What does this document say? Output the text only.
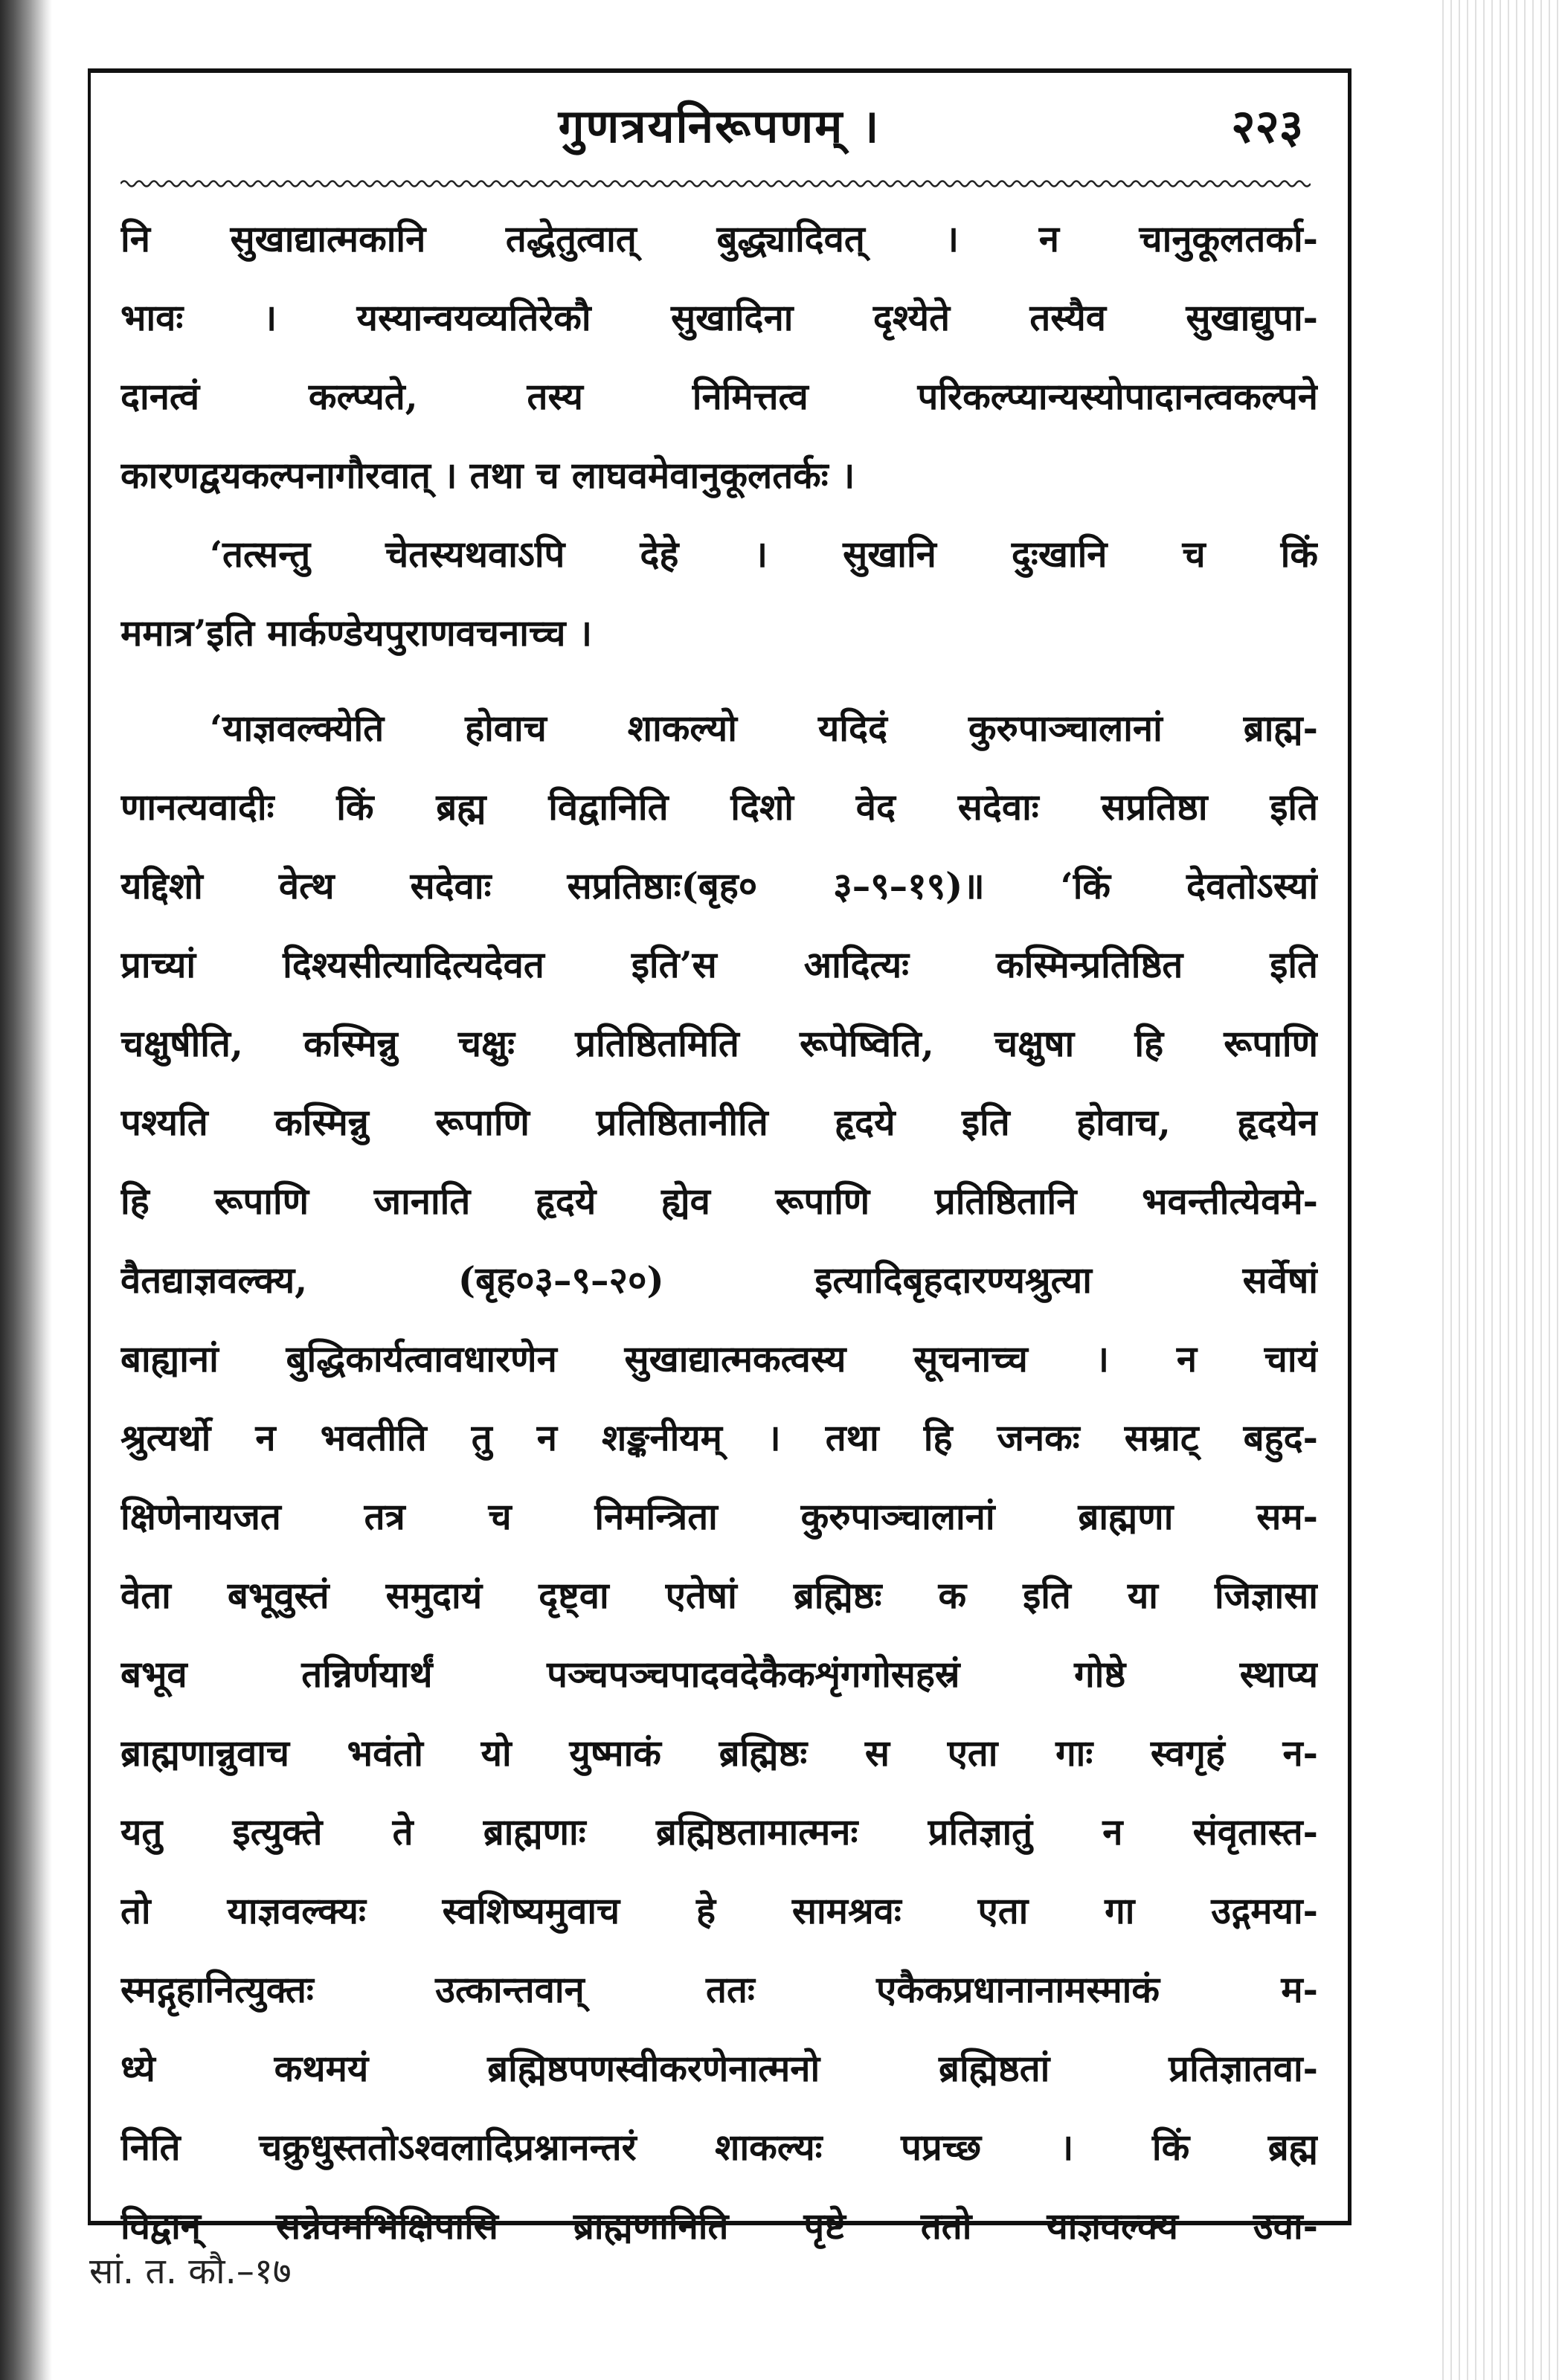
गुणत्रयनिरूपणम् ।	२२३
नि सुखाद्यात्मकानि तद्धेतुत्वात् बुद्ध्यादिवत् । न चानुकूलतर्का-
भावः । यस्यान्वयव्यतिरेकौ सुखादिना दृश्येते तस्यैव सुखाद्युपा-
दानत्वं कल्प्यते, तस्य निमित्तत्व परिकल्प्यान्यस्योपादानत्वकल्पने
कारणद्वयकल्पनागौरवात् । तथा च लाघवमेवानुकूलतर्कः ।
‘तत्सन्तु चेतस्यथवाऽपि देहे । सुखानि दुःखानि च किं
ममात्र’इति मार्कण्डेयपुराणवचनाच्च ।
‘याज्ञवल्क्येति होवाच शाकल्यो यदिदं कुरुपाञ्चालानां ब्राह्म-
णानत्यवादीः किं ब्रह्म विद्वानिति दिशो वेद सदेवाः सप्रतिष्ठा इति
यद्दिशो वेत्थ सदेवाः सप्रतिष्ठाः(बृह० ३–९–१९)॥ ‘किं देवतोऽस्यां
प्राच्यां दिश्यसीत्यादित्यदेवत इति’स आदित्यः कस्मिन्प्रतिष्ठित इति
चक्षुषीति, कस्मिन्नु चक्षुः प्रतिष्ठितमिति रूपेष्विति, चक्षुषा हि रूपाणि
पश्यति कस्मिन्नु रूपाणि प्रतिष्ठितानीति हृदये इति होवाच, हृदयेन
हि रूपाणि जानाति हृदये ह्येव रूपाणि प्रतिष्ठितानि भवन्तीत्येवमे-
वैतद्याज्ञवल्क्य, (बृह०३–९–२०) इत्यादिबृहदारण्यश्रुत्या सर्वेषां
बाह्यानां बुद्धिकार्यत्वावधारणेन सुखाद्यात्मकत्वस्य सूचनाच्च । न चायं
श्रुत्यर्थो न भवतीति तु न शङ्कनीयम् । तथा हि जनकः सम्राट् बहुद-
क्षिणेनायजत तत्र च निमन्त्रिता कुरुपाञ्चालानां ब्राह्मणा सम-
वेता बभूवुस्तं समुदायं दृष्ट्वा एतेषां ब्रह्मिष्ठः क इति या जिज्ञासा
बभूव तन्निर्णयार्थं पञ्चपञ्चपादवदेकैकशृंगगोसहस्रं गोष्ठे स्थाप्य
ब्राह्मणान्नुवाच भवंतो यो युष्माकं ब्रह्मिष्ठः स एता गाः स्वगृहं न-
यतु इत्युक्ते ते ब्राह्मणाः ब्रह्मिष्ठतामात्मनः प्रतिज्ञातुं न संवृतास्त-
तो याज्ञवल्क्यः स्वशिष्यमुवाच हे सामश्रवः एता गा उद्गमया-
स्मद्गृहानित्युक्तः उत्कान्तवान् ततः एकैकप्रधानानामस्माकं म-
ध्ये कथमयं ब्रह्मिष्ठपणस्वीकरणेनात्मनो ब्रह्मिष्ठतां प्रतिज्ञातवा-
निति चक्रुधुस्ततोऽश्वलादिप्रश्नानन्तरं शाकल्यः पप्रच्छ । किं ब्रह्म
विद्वान् सन्नेवमभिक्षिपासि ब्राह्मणानिति पृष्टे ततो याज्ञवल्क्य उवा-
सां. त. कौ.–१७
